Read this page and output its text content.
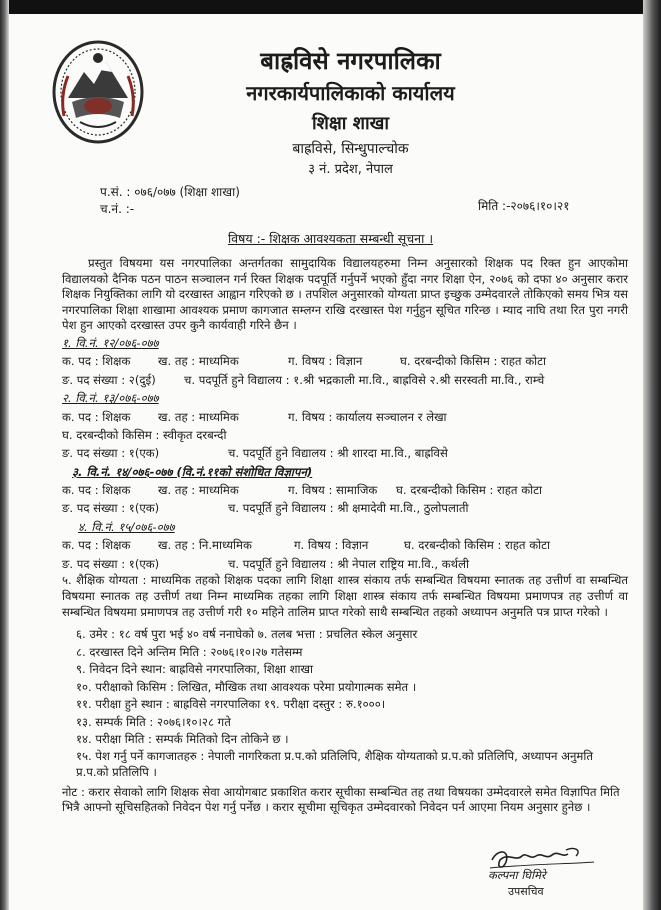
बाह्रविसे नगरपालिका
नगरकार्यपालिकाको कार्यालय
शिक्षा शाखा
बाह्रविसे, सिन्धुपाल्चोक
३ नं. प्रदेश, नेपाल
प.सं. : ०७६/०७७ (शिक्षा शाखा)
च.नं. :-	मिति :-२०७६।१०।२१
विषय :- शिक्षक आवश्यकता सम्बन्धी सूचना ।

प्रस्तुत विषयमा यस नगरपालिका अन्तर्गतका सामुदायिक विद्यालयहरुमा निम्न अनुसारको शिक्षक पद रिक्त हुन आएकोमा विद्यालयको दैनिक पठन पाठन सञ्चालन गर्न रिक्त शिक्षक पदपूर्ति गर्नुपर्ने भएको हुँदा नगर शिक्षा ऐन, २०७६ को दफा ४० अनुसार करार शिक्षक नियुक्तिका लागि यो दरखास्त आह्वान गरिएको छ । तपशिल अनुसारको योग्यता प्राप्त इच्छुक उम्मेदवारले तोकिएको समय भित्र यस नगरपालिका शिक्षा शाखामा आवश्यक प्रमाण कागजात सम्लग्न राखि दरखास्त पेश गर्नुहुन सूचित गरिन्छ । म्याद नाघि तथा रित पुरा नगरी पेश हुन आएको दरखास्त उपर कुनै कार्यवाही गरिने छैन ।

१. वि.नं. १२/०७६-०७७
क. पद : शिक्षक ख. तह : माध्यमिक	ग. विषय : विज्ञान	घ. दरबन्दीको किसिम : राहत कोटा
ङ. पद संख्या : २(दुई) च. पदपूर्ति हुने विद्यालय : १.श्री भद्रकाली मा.वि., बाह्रविसे २.श्री सरस्वती मा.वि., राम्चे
२. वि.नं. १३/०७६-०७७
क. पद : शिक्षक ख. तह : माध्यमिक	ग. विषय : कार्यालय सञ्चालन र लेखा
घ. दरबन्दीको किसिम : स्वीकृत दरबन्दी
ङ. पद संख्या : १(एक)	च. पदपूर्ति हुने विद्यालय : श्री शारदा मा.वि., बाह्रविसे
३. वि.नं. १४/०७६-०७७ (वि.नं.११को संशोधित विज्ञापन)
क. पद : शिक्षक ख. तह : माध्यमिक	ग. विषय : सामाजिक घ. दरबन्दीको किसिम : राहत कोटा
ङ. पद संख्या : १(एक)	च. पदपूर्ति हुने विद्यालय : श्री क्षमादेवी मा.वि., ठुलोपलाती
४. वि.नं. १५/०७६-०७७
क. पद : शिक्षक ख. तह : नि.माध्यमिक	ग. विषय : विज्ञान	घ. दरबन्दीको किसिम : राहत कोटा
ङ. पद संख्या : १(एक)	च. पदपूर्ति हुने विद्यालय : श्री नेपाल राष्ट्रिय मा.वि., कर्थली

५. शैक्षिक योग्यता : माध्यमिक तहको शिक्षक पदका लागि शिक्षा शास्त्र संकाय तर्फ सम्बन्धित विषयमा स्नातक तह उत्तीर्ण वा सम्बन्धित विषयमा स्नातक तह उत्तीर्ण तथा निम्न माध्यमिक तहका लागि शिक्षा शास्त्र संकाय तर्फ सम्बन्धित विषयमा प्रमाणपत्र तह उत्तीर्ण वा सम्बन्धित विषयमा प्रमाणपत्र तह उत्तीर्ण गरी १० महिने तालिम प्राप्त गरेको साथै सम्बन्धित तहको अध्यापन अनुमति पत्र प्राप्त गरेको ।

६. उमेर : १८ वर्ष पुरा भई ४० वर्ष ननाघेको ७. तलब भत्ता : प्रचलित स्केल अनुसार
८. दरखास्त दिने अन्तिम मिति : २०७६।१०।२७ गतेसम्म
९. निवेदन दिने स्थान: बाह्रविसे नगरपालिका, शिक्षा शाखा
१०. परीक्षाको किसिम : लिखित, मौखिक तथा आवश्यक परेमा प्रयोगात्मक समेत ।
११. परीक्षा हुने स्थान : बाह्रविसे नगरपालिका १९. परीक्षा दस्तुर : रु.१०००।
१३. सम्पर्क मिति : २०७६।१०।२८ गते
१४. परीक्षा मिति : सम्पर्क मितिको दिन तोकिने छ ।

१५. पेश गर्नु पर्ने कागजातहरु : नेपाली नागरिकता प्र.प.को प्रतिलिपि, शैक्षिक योग्यताको प्र.प.को प्रतिलिपि, अध्यापन अनुमति प्र.प.को प्रतिलिपि ।

नोट : करार सेवाको लागि शिक्षक सेवा आयोगबाट प्रकाशित करार सूचीका सम्बन्धित तह तथा विषयका उम्मेदवारले समेत विज्ञापित मिति भित्रै आफ्नो सूचिसहितको निवेदन पेश गर्नु पर्नेछ । करार सूचीमा सूचिकृत उम्मेदवारको निवेदन पर्न आएमा नियम अनुसार हुनेछ ।

कल्पना घिमिरे
उपसचिव
